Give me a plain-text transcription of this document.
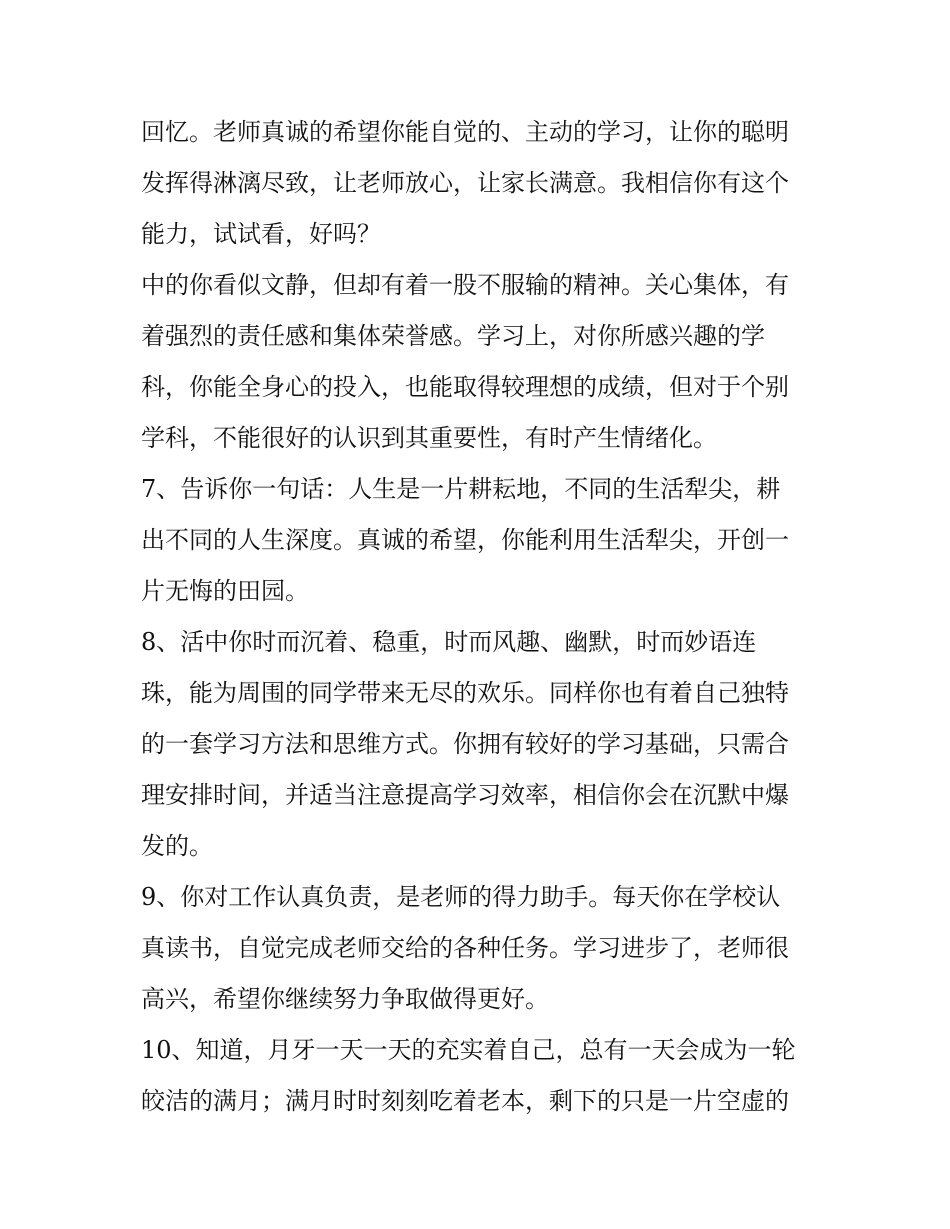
回忆。老师真诚的希望你能自觉的、主动的学习，让你的聪明
发挥得淋漓尽致，让老师放心，让家长满意。我相信你有这个
能力，试试看，好吗？
中的你看似文静，但却有着一股不服输的精神。关心集体，有
着强烈的责任感和集体荣誉感。学习上，对你所感兴趣的学
科，你能全身心的投入，也能取得较理想的成绩，但对于个别
学科，不能很好的认识到其重要性，有时产生情绪化。
7、告诉你一句话：人生是一片耕耘地，不同的生活犁尖，耕
出不同的人生深度。真诚的希望，你能利用生活犁尖，开创一
片无悔的田园。
8、活中你时而沉着、稳重，时而风趣、幽默，时而妙语连
珠，能为周围的同学带来无尽的欢乐。同样你也有着自己独特
的一套学习方法和思维方式。你拥有较好的学习基础，只需合
理安排时间，并适当注意提高学习效率，相信你会在沉默中爆
发的。
9、你对工作认真负责，是老师的得力助手。每天你在学校认
真读书，自觉完成老师交给的各种任务。学习进步了，老师很
高兴，希望你继续努力争取做得更好。
10、知道，月牙一天一天的充实着自己，总有一天会成为一轮
皎洁的满月；满月时时刻刻吃着老本，剩下的只是一片空虚的
